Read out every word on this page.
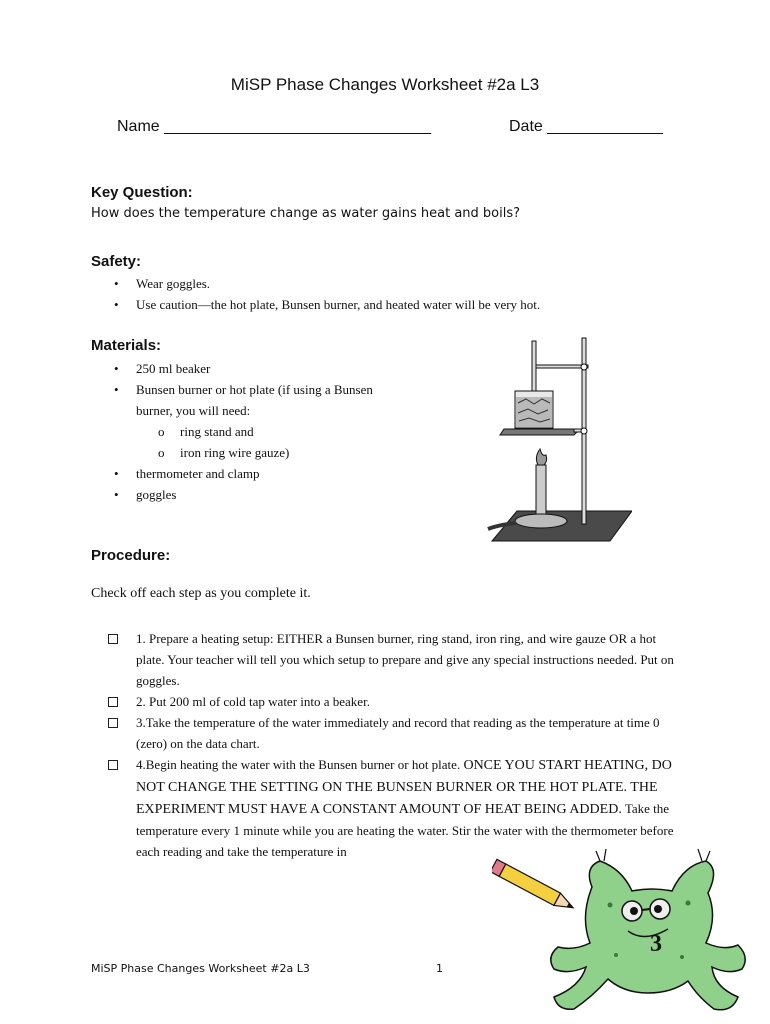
MiSP Phase Changes Worksheet #2a L3
Name ______________________________	Date _____________
Key Question:
How does the temperature change as water gains heat and boils?
Safety:
• Wear goggles.
• Use caution—the hot plate, Bunsen burner, and heated water will be very hot.
Materials:
• 250 ml beaker
• Bunsen burner or hot plate (if using a Bunsen burner, you will need:
o ring stand and
o iron ring wire gauze)
• thermometer and clamp
• goggles
Procedure:
Check off each step as you complete it.
1. Prepare a heating setup: EITHER a Bunsen burner, ring stand, iron ring, and wire gauze OR a hot plate. Your teacher will tell you which setup to prepare and give any special instructions needed. Put on goggles.
2. Put 200 ml of cold tap water into a beaker.
3.Take the temperature of the water immediately and record that reading as the temperature at time 0 (zero) on the data chart.
4.Begin heating the water with the Bunsen burner or hot plate. ONCE YOU START HEATING, DO NOT CHANGE THE SETTING ON THE BUNSEN BURNER OR THE HOT PLATE. THE EXPERIMENT MUST HAVE A CONSTANT AMOUNT OF HEAT BEING ADDED. Take the temperature every 1 minute while you are heating the water. Stir the water with the thermometer before each reading and take the temperature in
3
MiSP Phase Changes Worksheet #2a L3	1
